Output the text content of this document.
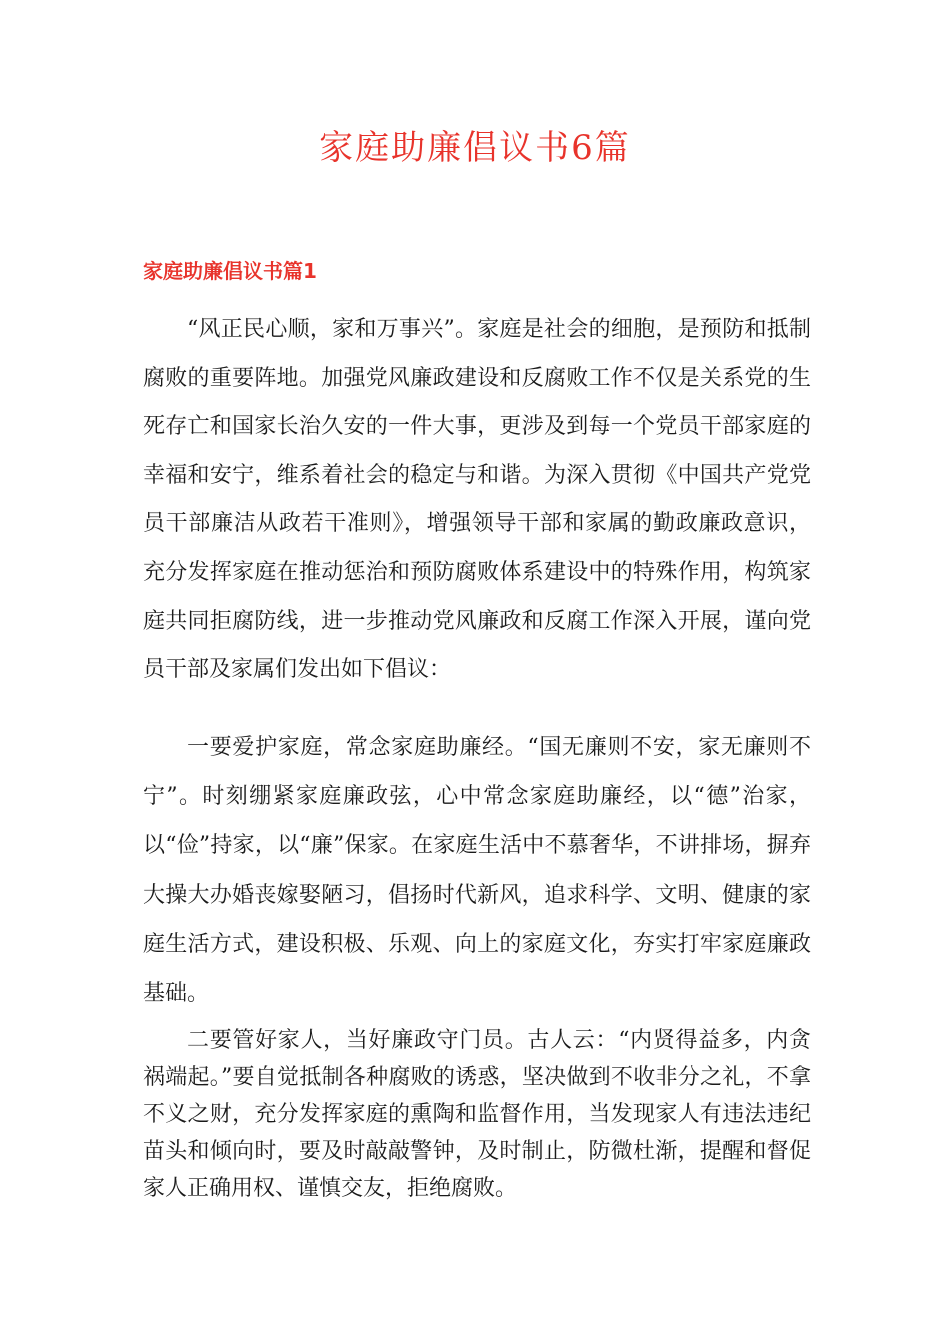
家庭助廉倡议书6篇
家庭助廉倡议书篇1

“风正民心顺，家和万事兴”。家庭是社会的细胞，是预防和抵制腐败的重要阵地。加强党风廉政建设和反腐败工作不仅是关系党的生死存亡和国家长治久安的一件大事，更涉及到每一个党员干部家庭的幸福和安宁，维系着社会的稳定与和谐。为深入贯彻《中国共产党党员干部廉洁从政若干准则》，增强领导干部和家属的勤政廉政意识，充分发挥家庭在推动惩治和预防腐败体系建设中的特殊作用，构筑家庭共同拒腐防线，进一步推动党风廉政和反腐工作深入开展，谨向党员干部及家属们发出如下倡议：

一要爱护家庭，常念家庭助廉经。“国无廉则不安，家无廉则不宁”。时刻绷紧家庭廉政弦，心中常念家庭助廉经，以“德”治家，以“俭”持家，以“廉”保家。在家庭生活中不慕奢华，不讲排场，摒弃大操大办婚丧嫁娶陋习，倡扬时代新风，追求科学、文明、健康的家庭生活方式，建设积极、乐观、向上的家庭文化，夯实打牢家庭廉政基础。

二要管好家人，当好廉政守门员。古人云：“内贤得益多，内贪祸端起。”要自觉抵制各种腐败的诱惑，坚决做到不收非分之礼，不拿不义之财，充分发挥家庭的熏陶和监督作用，当发现家人有违法违纪苗头和倾向时，要及时敲敲警钟，及时制止，防微杜渐，提醒和督促家人正确用权、谨慎交友，拒绝腐败。
